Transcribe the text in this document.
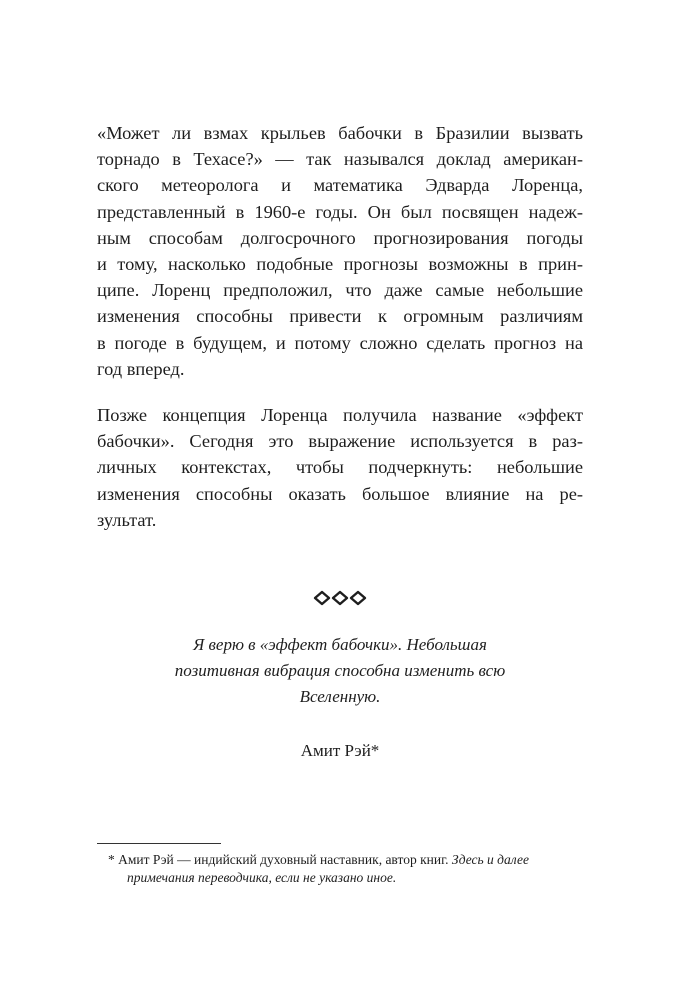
«Может ли взмах крыльев бабочки в Бразилии вызвать
торнадо в Техасе?» — так назывался доклад американ-
ского метеоролога и математика Эдварда Лоренца,
представленный в 1960-е годы. Он был посвящен надеж-
ным способам долгосрочного прогнозирования погоды
и тому, насколько подобные прогнозы возможны в прин-
ципе. Лоренц предположил, что даже самые небольшие
изменения способны привести к огромным различиям
в погоде в будущем, и потому сложно сделать прогноз на
год вперед.

Позже концепция Лоренца получила название «эффект
бабочки». Сегодня это выражение используется в раз-
личных контекстах, чтобы подчеркнуть: небольшие
изменения способны оказать большое влияние на ре-
зультат.

Я верю в «эффект бабочки». Небольшая
позитивная вибрация способна изменить всю
Вселенную.

Амит Рэй*

* Амит Рэй — индийский духовный наставник, автор книг. Здесь и далее
примечания переводчика, если не указано иное.
